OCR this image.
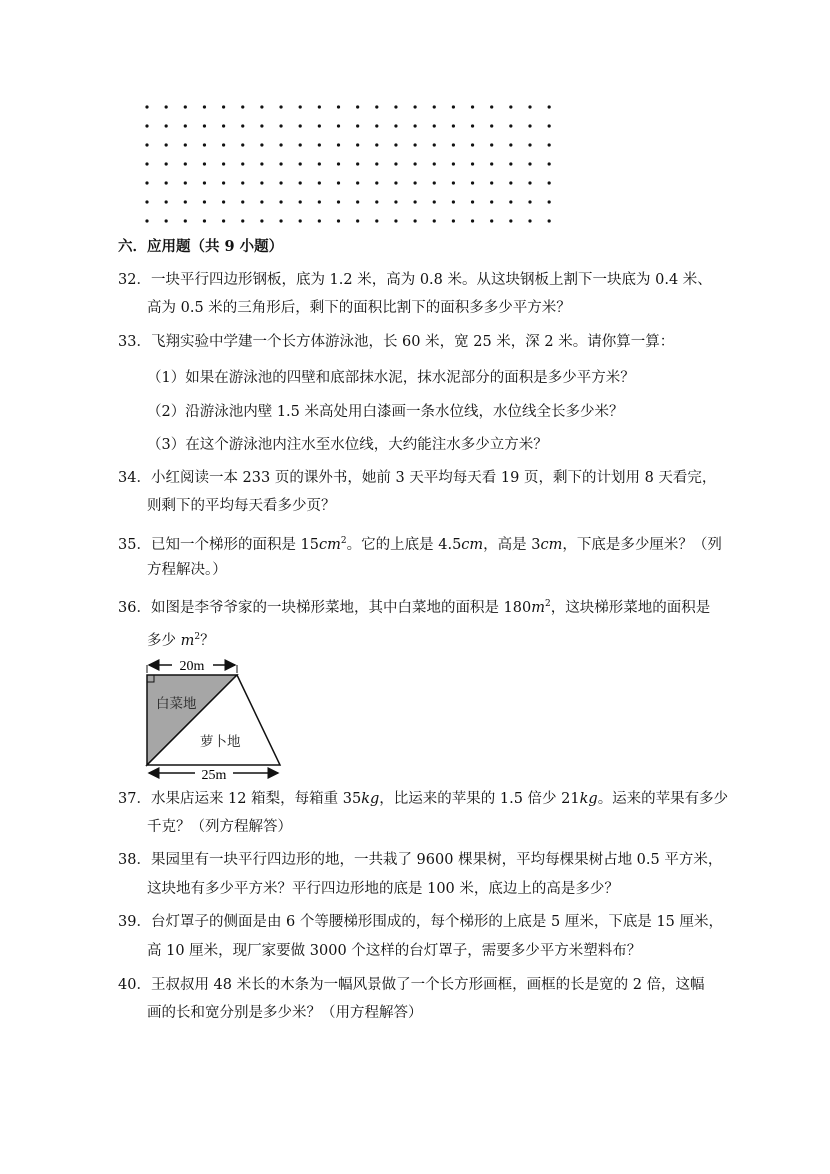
六．应用题（共 9 小题）
32．一块平行四边形钢板，底为 1.2 米，高为 0.8 米。从这块钢板上割下一块底为 0.4 米、
高为 0.5 米的三角形后，剩下的面积比割下的面积多多少平方米？
33．飞翔实验中学建一个长方体游泳池，长 60 米，宽 25 米，深 2 米。请你算一算：
（1）如果在游泳池的四壁和底部抹水泥，抹水泥部分的面积是多少平方米？
（2）沿游泳池内壁 1.5 米高处用白漆画一条水位线，水位线全长多少米？
（3）在这个游泳池内注水至水位线，大约能注水多少立方米？
34．小红阅读一本 233 页的课外书，她前 3 天平均每天看 19 页，剩下的计划用 8 天看完，
则剩下的平均每天看多少页？
35．已知一个梯形的面积是 $15cm^2$。它的上底是 4.5cm，高是 3cm，下底是多少厘米？（列
方程解决。）
36．如图是李爷爷家的一块梯形菜地，其中白菜地的面积是 $180m^2$，这块梯形菜地的面积是
多少 $m^2$？
20m
25m
白菜地
萝卜地
37．水果店运来 12 箱梨，每箱重 35kg，比运来的苹果的 1.5 倍少 21kg。运来的苹果有多少
千克？（列方程解答）
38．果园里有一块平行四边形的地，一共栽了 9600 棵果树，平均每棵果树占地 0.5 平方米，
这块地有多少平方米？平行四边形地的底是 100 米，底边上的高是多少？
39．台灯罩子的侧面是由 6 个等腰梯形围成的，每个梯形的上底是 5 厘米，下底是 15 厘米，
高 10 厘米，现厂家要做 3000 个这样的台灯罩子，需要多少平方米塑料布？
40．王叔叔用 48 米长的木条为一幅风景做了一个长方形画框，画框的长是宽的 2 倍，这幅
画的长和宽分别是多少米？（用方程解答）
